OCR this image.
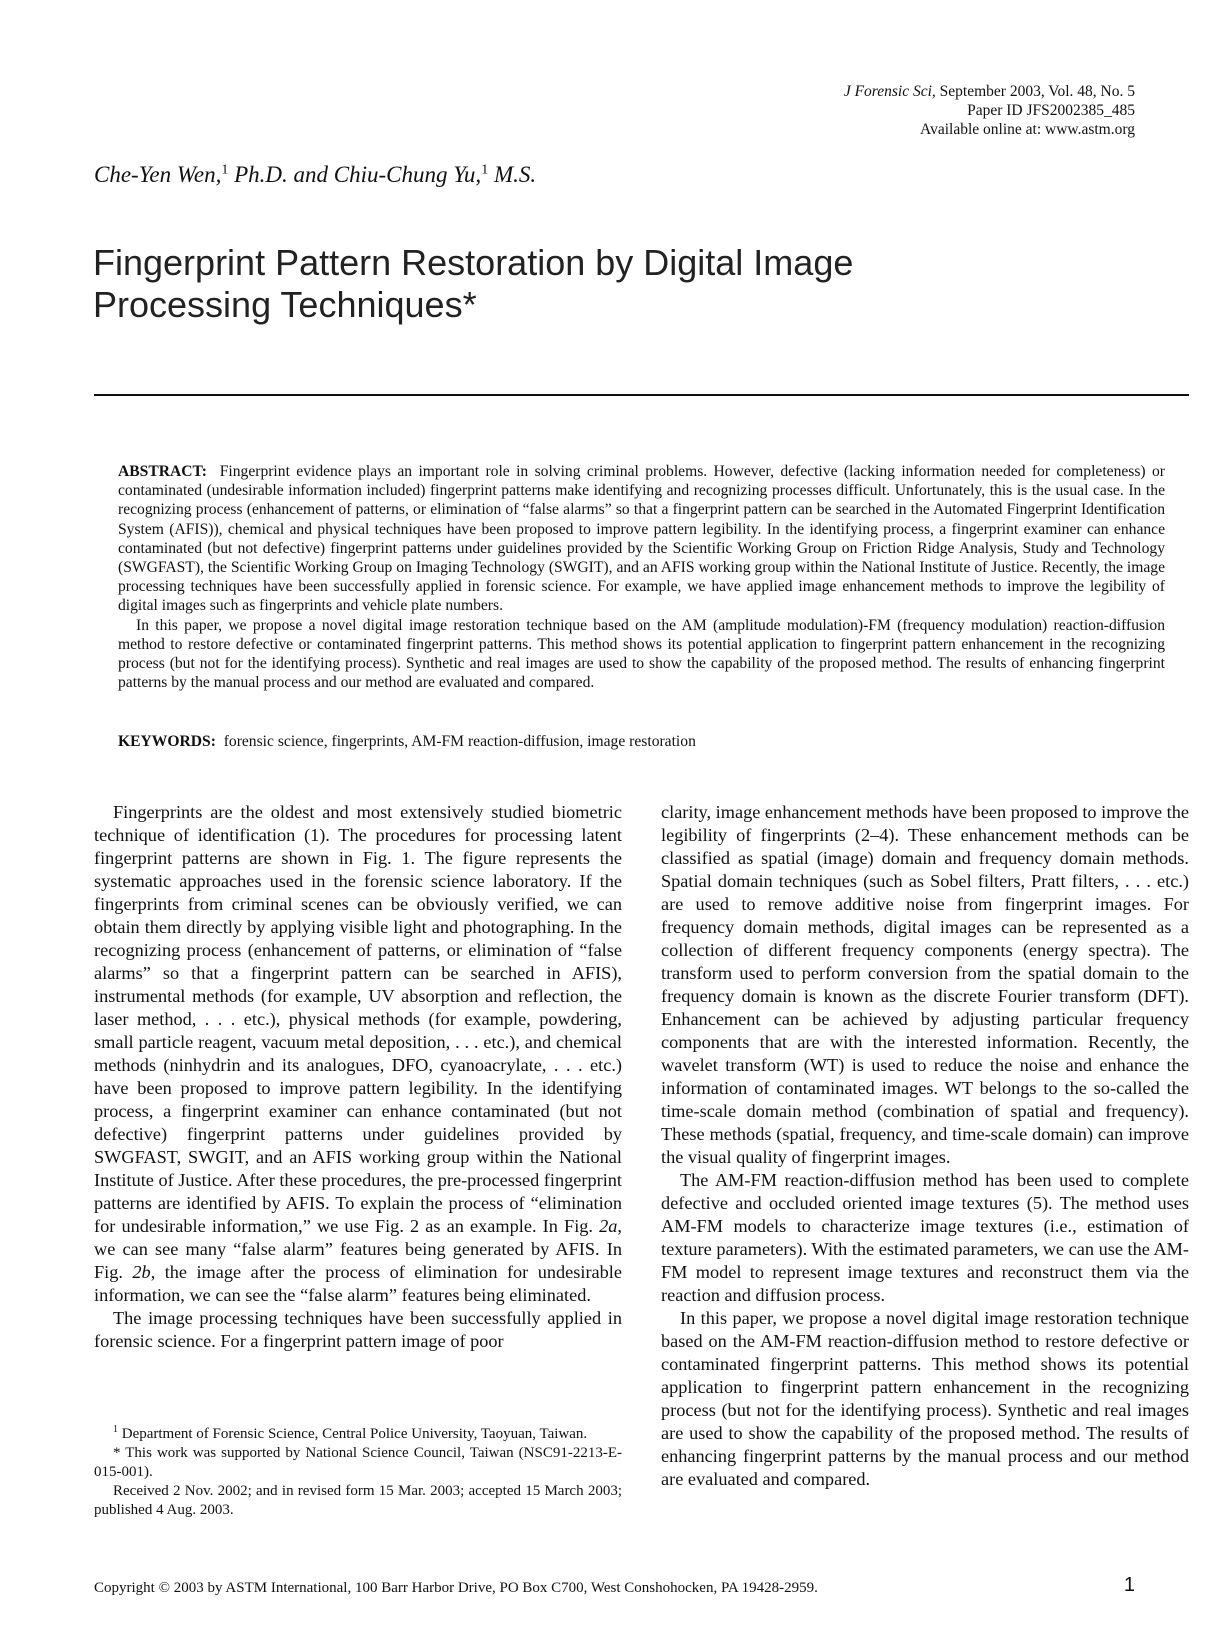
J Forensic Sci, September 2003, Vol. 48, No. 5
Paper ID JFS2002385_485
Available online at: www.astm.org
Che-Yen Wen,$^1$ Ph.D. and Chiu-Chung Yu,$^1$ M.S.
Fingerprint Pattern Restoration by Digital Image Processing Techniques*

ABSTRACT: Fingerprint evidence plays an important role in solving criminal problems. However, defective (lacking information needed for completeness) or contaminated (undesirable information included) fingerprint patterns make identifying and recognizing processes difficult. Unfortunately, this is the usual case. In the recognizing process (enhancement of patterns, or elimination of “false alarms” so that a fingerprint pattern can be searched in the Automated Fingerprint Identification System (AFIS)), chemical and physical techniques have been proposed to improve pattern legibility. In the identifying process, a fingerprint examiner can enhance contaminated (but not defective) fingerprint patterns under guidelines provided by the Scientific Working Group on Friction Ridge Analysis, Study and Technology (SWGFAST), the Scientific Working Group on Imaging Technology (SWGIT), and an AFIS working group within the National Institute of Justice. Recently, the image processing techniques have been successfully applied in forensic science. For example, we have applied image enhancement methods to improve the legibility of digital images such as fingerprints and vehicle plate numbers.

In this paper, we propose a novel digital image restoration technique based on the AM (amplitude modulation)-FM (frequency modulation) reaction-diffusion method to restore defective or contaminated fingerprint patterns. This method shows its potential application to fingerprint pattern enhancement in the recognizing process (but not for the identifying process). Synthetic and real images are used to show the capability of the proposed method. The results of enhancing fingerprint patterns by the manual process and our method are evaluated and compared.

KEYWORDS: forensic science, fingerprints, AM-FM reaction-diffusion, image restoration

Fingerprints are the oldest and most extensively studied biometric technique of identification (1). The procedures for processing latent fingerprint patterns are shown in Fig. 1. The figure represents the systematic approaches used in the forensic science laboratory. If the fingerprints from criminal scenes can be obviously verified, we can obtain them directly by applying visible light and photographing. In the recognizing process (enhancement of patterns, or elimination of “false alarms” so that a fingerprint pattern can be searched in AFIS), instrumental methods (for example, UV absorption and reflection, the laser method, . . . etc.), physical methods (for example, powdering, small particle reagent, vacuum metal deposition, . . . etc.), and chemical methods (ninhydrin and its analogues, DFO, cyanoacrylate, . . . etc.) have been proposed to improve pattern legibility. In the identifying process, a fingerprint examiner can enhance contaminated (but not defective) fingerprint patterns under guidelines provided by SWGFAST, SWGIT, and an AFIS working group within the National Institute of Justice. After these procedures, the pre-processed fingerprint patterns are identified by AFIS. To explain the process of “elimination for undesirable information,” we use Fig. 2 as an example. In Fig. 2a, we can see many “false alarm” features being generated by AFIS. In Fig. 2b, the image after the process of elimination for undesirable information, we can see the “false alarm” features being eliminated.

The image processing techniques have been successfully applied in forensic science. For a fingerprint pattern image of poor

clarity, image enhancement methods have been proposed to improve the legibility of fingerprints (2–4). These enhancement methods can be classified as spatial (image) domain and frequency domain methods. Spatial domain techniques (such as Sobel filters, Pratt filters, . . . etc.) are used to remove additive noise from fingerprint images. For frequency domain methods, digital images can be represented as a collection of different frequency components (energy spectra). The transform used to perform conversion from the spatial domain to the frequency domain is known as the discrete Fourier transform (DFT). Enhancement can be achieved by adjusting particular frequency components that are with the interested information. Recently, the wavelet transform (WT) is used to reduce the noise and enhance the information of contaminated images. WT belongs to the so-called the time-scale domain method (combination of spatial and frequency). These methods (spatial, frequency, and time-scale domain) can improve the visual quality of fingerprint images.

The AM-FM reaction-diffusion method has been used to complete defective and occluded oriented image textures (5). The method uses AM-FM models to characterize image textures (i.e., estimation of texture parameters). With the estimated parameters, we can use the AM-FM model to represent image textures and reconstruct them via the reaction and diffusion process.

In this paper, we propose a novel digital image restoration technique based on the AM-FM reaction-diffusion method to restore defective or contaminated fingerprint patterns. This method shows its potential application to fingerprint pattern enhancement in the recognizing process (but not for the identifying process). Synthetic and real images are used to show the capability of the proposed method. The results of enhancing fingerprint patterns by the manual process and our method are evaluated and compared.

$^1$ Department of Forensic Science, Central Police University, Taoyuan, Taiwan.

* This work was supported by National Science Council, Taiwan (NSC91-2213-E-015-001).

Received 2 Nov. 2002; and in revised form 15 Mar. 2003; accepted 15 March 2003; published 4 Aug. 2003.

Copyright © 2003 by ASTM International, 100 Barr Harbor Drive, PO Box C700, West Conshohocken, PA 19428-2959.	1
